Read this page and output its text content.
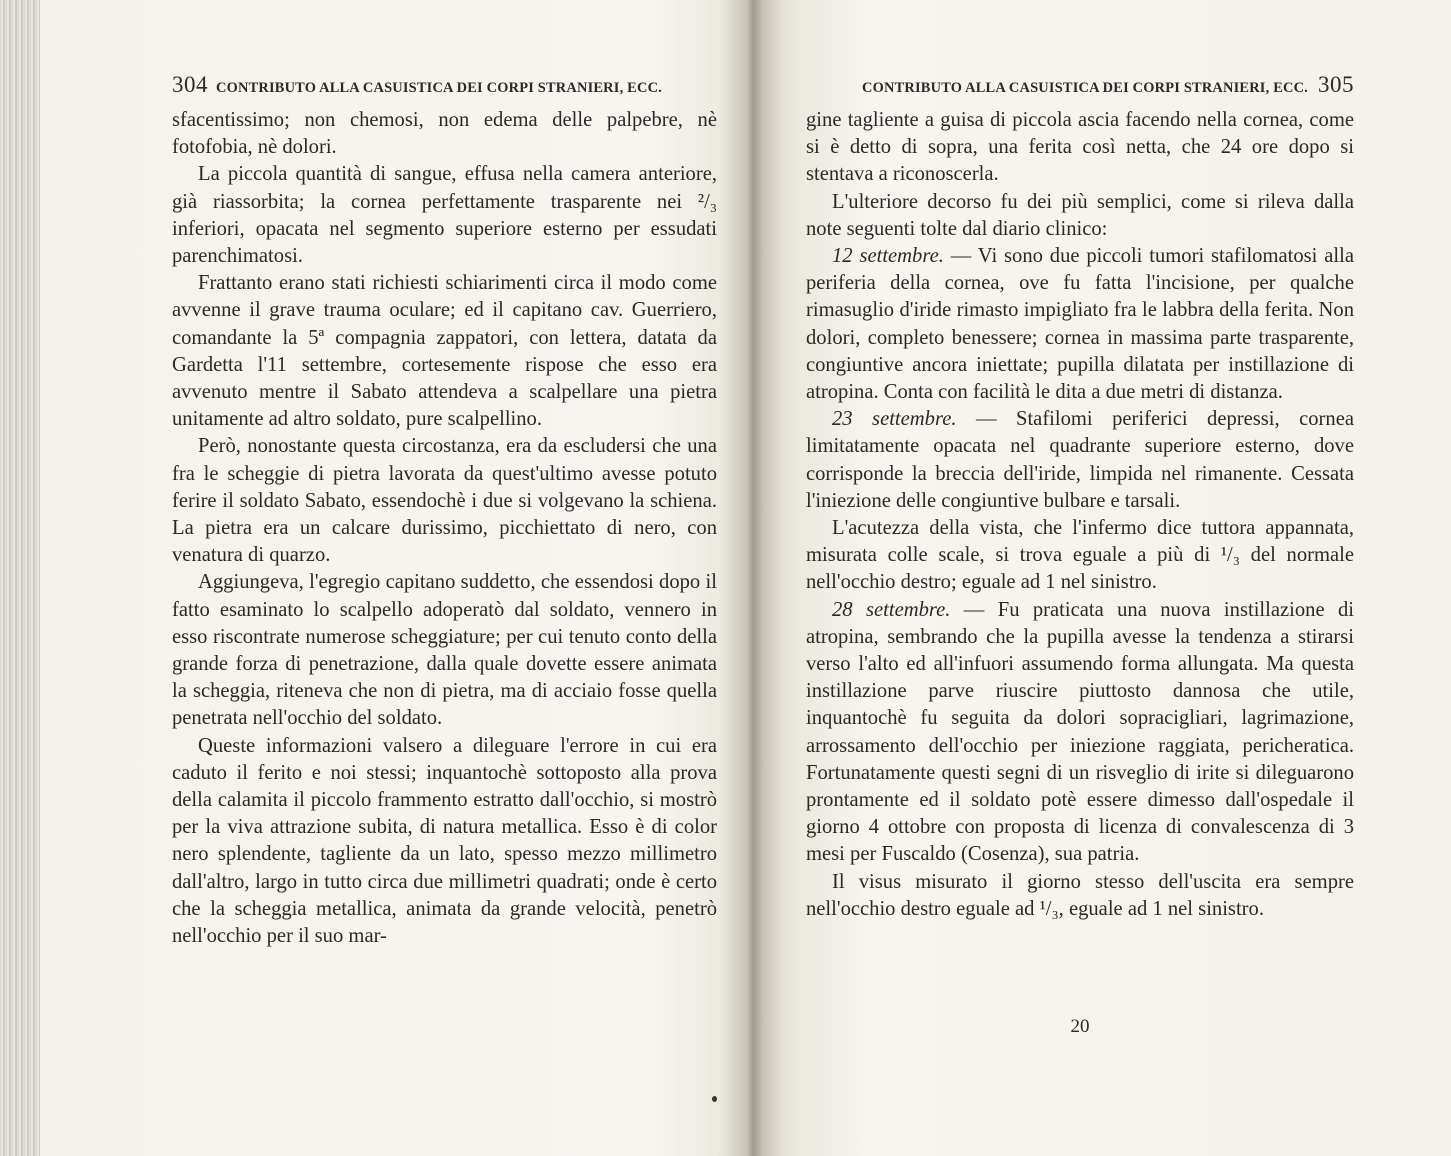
304 CONTRIBUTO ALLA CASUISTICA DEI CORPI STRANIERI, ECC.

sfacentissimo; non chemosi, non edema delle palpebre, nè fotofobia, nè dolori.

La piccola quantità di sangue, effusa nella camera anteriore, già riassorbita; la cornea perfettamente trasparente nei ²/₃ inferiori, opacata nel segmento superiore esterno per essudati parenchimatosi.

Frattanto erano stati richiesti schiarimenti circa il modo come avvenne il grave trauma oculare; ed il capitano cav. Guerriero, comandante la 5ª compagnia zappatori, con lettera, datata da Gardetta l'11 settembre, cortesemente rispose che esso era avvenuto mentre il Sabato attendeva a scalpellare una pietra unitamente ad altro soldato, pure scalpellino.

Però, nonostante questa circostanza, era da escludersi che una fra le scheggie di pietra lavorata da quest'ultimo avesse potuto ferire il soldato Sabato, essendochè i due si volgevano la schiena. La pietra era un calcare durissimo, picchiettato di nero, con venatura di quarzo.

Aggiungeva, l'egregio capitano suddetto, che essendosi dopo il fatto esaminato lo scalpello adoperatò dal soldato, vennero in esso riscontrate numerose scheggiature; per cui tenuto conto della grande forza di penetrazione, dalla quale dovette essere animata la scheggia, riteneva che non di pietra, ma di acciaio fosse quella penetrata nell'occhio del soldato.

Queste informazioni valsero a dileguare l'errore in cui era caduto il ferito e noi stessi; inquantochè sottoposto alla prova della calamita il piccolo frammento estratto dall'occhio, si mostrò per la viva attrazione subita, di natura metallica. Esso è di color nero splendente, tagliente da un lato, spesso mezzo millimetro dall'altro, largo in tutto circa due millimetri quadrati; onde è certo che la scheggia metallica, animata da grande velocità, penetrò nell'occhio per il suo mar-

CONTRIBUTO ALLA CASUISTICA DEI CORPI STRANIERI, ECC. 305

gine tagliente a guisa di piccola ascia facendo nella cornea, come si è detto di sopra, una ferita così netta, che 24 ore dopo si stentava a riconoscerla.

L'ulteriore decorso fu dei più semplici, come si rileva dalla note seguenti tolte dal diario clinico:

12 settembre. — Vi sono due piccoli tumori stafilomatosi alla periferia della cornea, ove fu fatta l'incisione, per qualche rimasuglio d'iride rimasto impigliato fra le labbra della ferita. Non dolori, completo benessere; cornea in massima parte trasparente, congiuntive ancora iniettate; pupilla dilatata per instillazione di atropina. Conta con facilità le dita a due metri di distanza.

23 settembre. — Stafilomi periferici depressi, cornea limitatamente opacata nel quadrante superiore esterno, dove corrisponde la breccia dell'iride, limpida nel rimanente. Cessata l'iniezione delle congiuntive bulbare e tarsali.

L'acutezza della vista, che l'infermo dice tuttora appannata, misurata colle scale, si trova eguale a più di ¹/₃ del normale nell'occhio destro; eguale ad 1 nel sinistro.

28 settembre. — Fu praticata una nuova instillazione di atropina, sembrando che la pupilla avesse la tendenza a stirarsi verso l'alto ed all'infuori assumendo forma allungata. Ma questa instillazione parve riuscire piuttosto dannosa che utile, inquantochè fu seguita da dolori sopracigliari, lagrimazione, arrossamento dell'occhio per iniezione raggiata, pericheratica. Fortunatamente questi segni di un risveglio di irite si dileguarono prontamente ed il soldato potè essere dimesso dall'ospedale il giorno 4 ottobre con proposta di licenza di convalescenza di 3 mesi per Fuscaldo (Cosenza), sua patria.

Il visus misurato il giorno stesso dell'uscita era sempre nell'occhio destro eguale ad ¹/₃, eguale ad 1 nel sinistro.

20
